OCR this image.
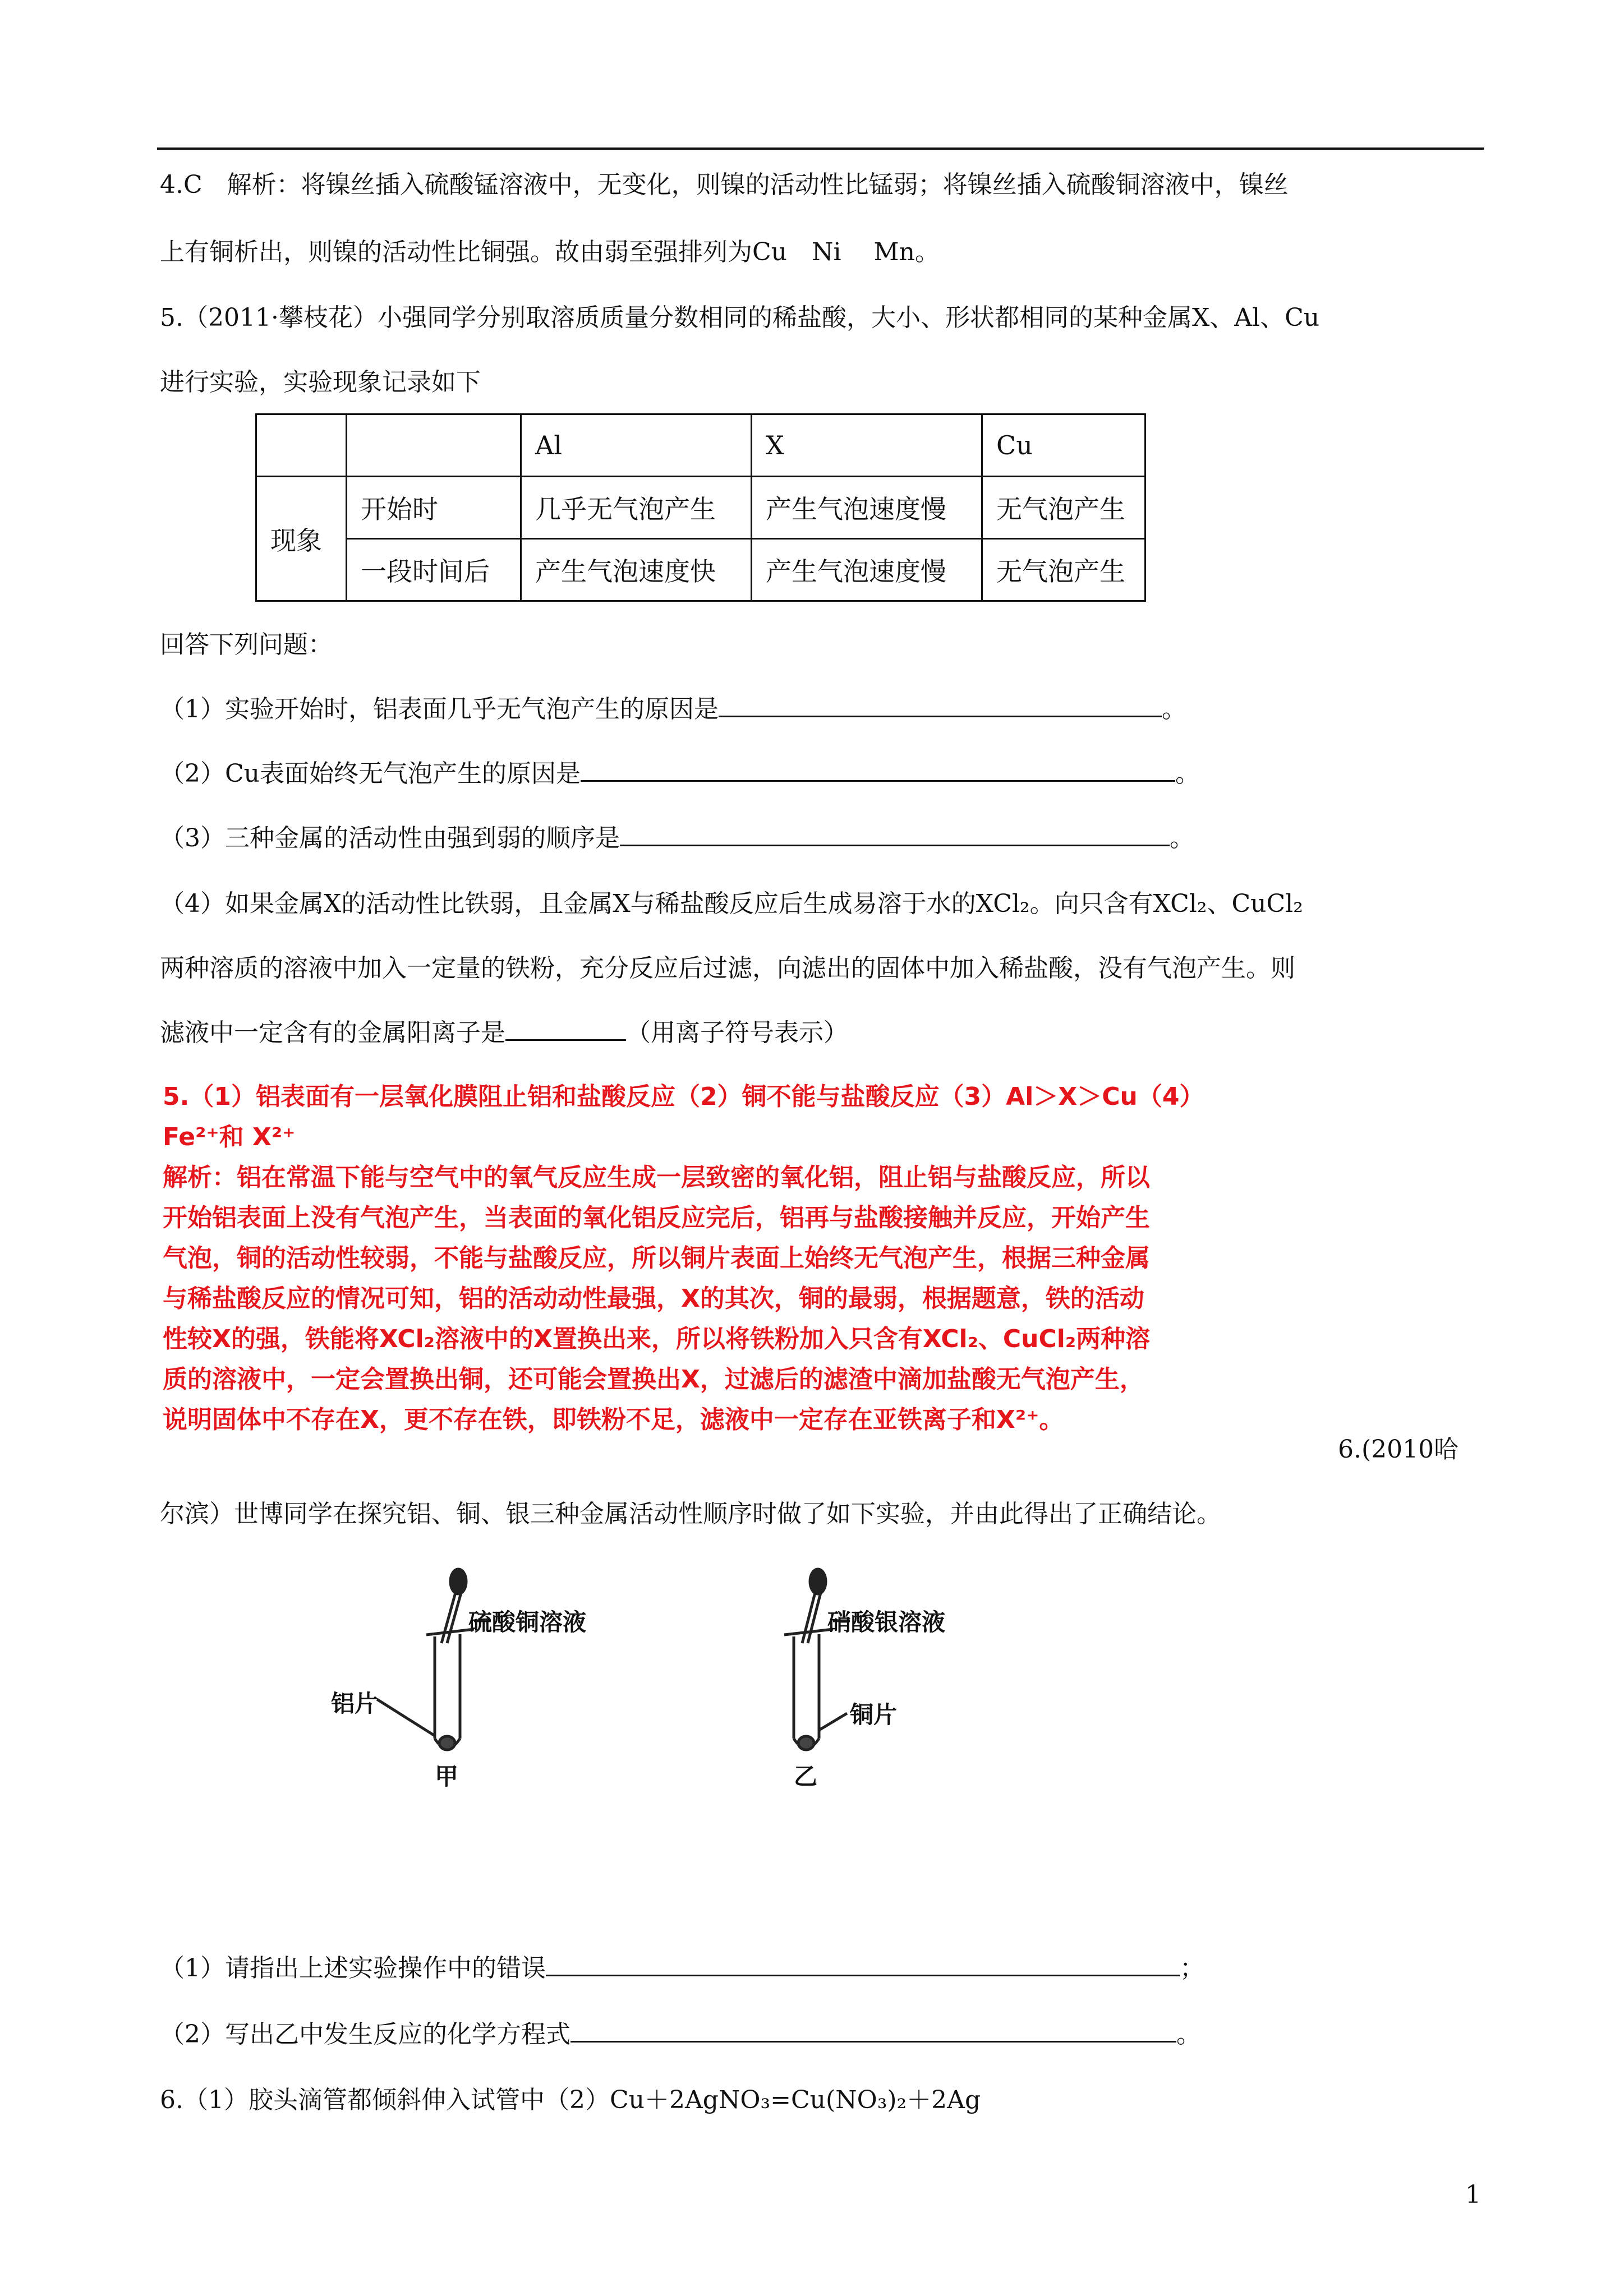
4.C　解析：将镍丝插入硫酸锰溶液中，无变化，则镍的活动性比锰弱；将镍丝插入硫酸铜溶液中，镍丝
上有铜析出，则镍的活动性比铜强。故由弱至强排列为Cu　Ni　 Mn。
5.（2011·攀枝花）小强同学分别取溶质质量分数相同的稀盐酸，大小、形状都相同的某种金属X、Al、Cu
进行实验，实验现象记录如下
		Al	X	Cu
现象	开始时	几乎无气泡产生	产生气泡速度慢	无气泡产生
	一段时间后	产生气泡速度快	产生气泡速度慢	无气泡产生
回答下列问题：
（1）实验开始时，铝表面几乎无气泡产生的原因是	。
（2）Cu表面始终无气泡产生的原因是	。
（3）三种金属的活动性由强到弱的顺序是	。
（4）如果金属X的活动性比铁弱，且金属X与稀盐酸反应后生成易溶于水的XCl₂。向只含有XCl₂、CuCl₂
两种溶质的溶液中加入一定量的铁粉，充分反应后过滤，向滤出的固体中加入稀盐酸，没有气泡产生。则
滤液中一定含有的金属阳离子是	（用离子符号表示）
5.（1）铝表面有一层氧化膜阻止铝和盐酸反应（2）铜不能与盐酸反应（3）Al＞X＞Cu（4）
Fe²⁺和 X²⁺
解析：铝在常温下能与空气中的氧气反应生成一层致密的氧化铝，阻止铝与盐酸反应，所以
开始铝表面上没有气泡产生，当表面的氧化铝反应完后，铝再与盐酸接触并反应，开始产生
气泡，铜的活动性较弱，不能与盐酸反应，所以铜片表面上始终无气泡产生，根据三种金属
与稀盐酸反应的情况可知，铝的活动动性最强，X的其次，铜的最弱，根据题意，铁的活动
性较X的强，铁能将XCl₂溶液中的X置换出来，所以将铁粉加入只含有XCl₂、CuCl₂两种溶
质的溶液中，一定会置换出铜，还可能会置换出X，过滤后的滤渣中滴加盐酸无气泡产生，
说明固体中不存在X，更不存在铁，即铁粉不足，滤液中一定存在亚铁离子和X²⁺。
6.(2010哈
尔滨）世博同学在探究铝、铜、银三种金属活动性顺序时做了如下实验，并由此得出了正确结论。
硫酸铜溶液
铝片
甲
硝酸银溶液
铜片
乙
（1）请指出上述实验操作中的错误	；
（2）写出乙中发生反应的化学方程式	。
6.（1）胶头滴管都倾斜伸入试管中（2）Cu＋2AgNO₃=Cu(NO₃)₂＋2Ag
1
